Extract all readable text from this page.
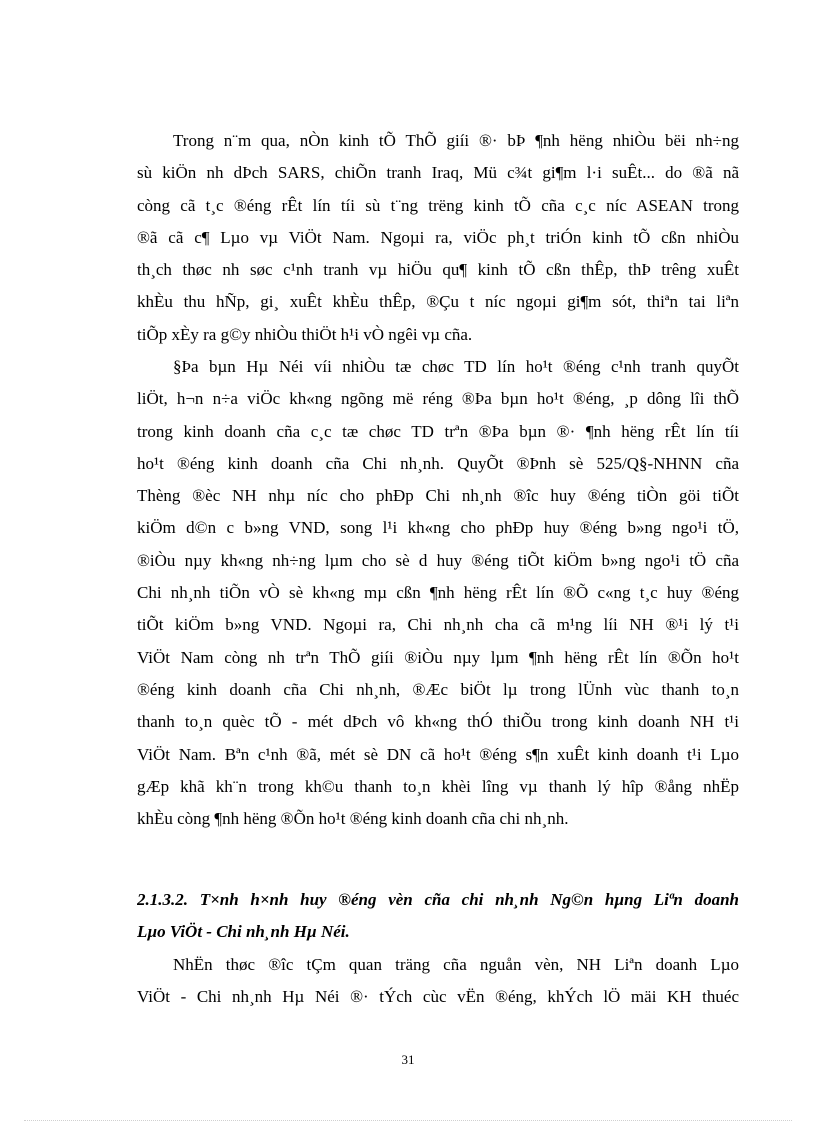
Trong n¨m qua, nÒn kinh tÕ ThÕ giíi ®· bÞ ¶nh hëng nhiÒu bëi nh÷ng
sù kiÖn nh dÞch SARS, chiÕn tranh Iraq, Mü c¾t gi¶m l·i suÊt... do ®ã nã
còng cã t¸c ®éng rÊt lín tíi sù t¨ng trëng kinh tÕ cña c¸c níc ASEAN trong
®ã cã c¶ Lµo vµ ViÖt Nam. Ngoµi ra, viÖc ph¸t triÓn kinh tÕ cßn nhiÒu
th¸ch thøc nh søc c¹nh tranh vµ hiÖu qu¶ kinh tÕ cßn thÊp, thÞ trêng xuÊt
khÈu thu hÑp, gi¸ xuÊt khÈu thÊp, ®Çu t níc ngoµi gi¶m sót, thiªn tai liªn
tiÕp xÈy ra g©y nhiÒu thiÖt h¹i vÒ ngêi vµ cña.
§Þa bµn Hµ Néi víi nhiÒu tæ chøc TD lín ho¹t ®éng c¹nh tranh quyÕt
liÖt, h¬n n÷a viÖc kh«ng ngõng më réng ®Þa bµn ho¹t ®éng, ¸p dông lîi thÕ
trong kinh doanh cña c¸c tæ chøc TD trªn ®Þa bµn ®· ¶nh hëng rÊt lín tíi
ho¹t ®éng kinh doanh cña Chi nh¸nh. QuyÕt ®Þnh sè 525/Q§-NHNN cña
Thèng ®èc NH nhµ níc cho phÐp Chi nh¸nh ®îc huy ®éng tiÒn göi tiÕt
kiÖm d©n c b»ng VND, song l¹i kh«ng cho phÐp huy ®éng b»ng ngo¹i tÖ,
®iÒu nµy kh«ng nh÷ng lµm cho sè d huy ®éng tiÕt kiÖm b»ng ngo¹i tÖ cña
Chi nh¸nh tiÕn vÒ sè kh«ng mµ cßn ¶nh hëng rÊt lín ®Õ c«ng t¸c huy ®éng
tiÕt kiÖm b»ng VND. Ngoµi ra, Chi nh¸nh cha cã m¹ng líi NH ®¹i lý t¹i
ViÖt Nam còng nh trªn ThÕ giíi ®iÒu nµy lµm ¶nh hëng rÊt lín ®Õn ho¹t
®éng kinh doanh cña Chi nh¸nh, ®Æc biÖt lµ trong lÜnh vùc thanh to¸n
thanh to¸n quèc tÕ - mét dÞch vô kh«ng thÓ thiÕu trong kinh doanh NH t¹i
ViÖt Nam. Bªn c¹nh ®ã, mét sè DN cã ho¹t ®éng s¶n xuÊt kinh doanh t¹i Lµo
gÆp khã kh¨n trong kh©u thanh to¸n khèi lîng vµ thanh lý hîp ®ång nhËp
khÈu còng ¶nh hëng ®Õn ho¹t ®éng kinh doanh cña chi nh¸nh.
2.1.3.2. T×nh h×nh huy ®éng vèn cña chi nh¸nh Ng©n hµng Liªn doanh
Lµo ViÖt - Chi nh¸nh Hµ Néi.
NhËn thøc ®îc tÇm quan träng cña nguån vèn, NH Liªn doanh Lµo
ViÖt - Chi nh¸nh Hµ Néi ®· tÝch cùc vËn ®éng, khÝch lÖ mäi KH thuéc
31
